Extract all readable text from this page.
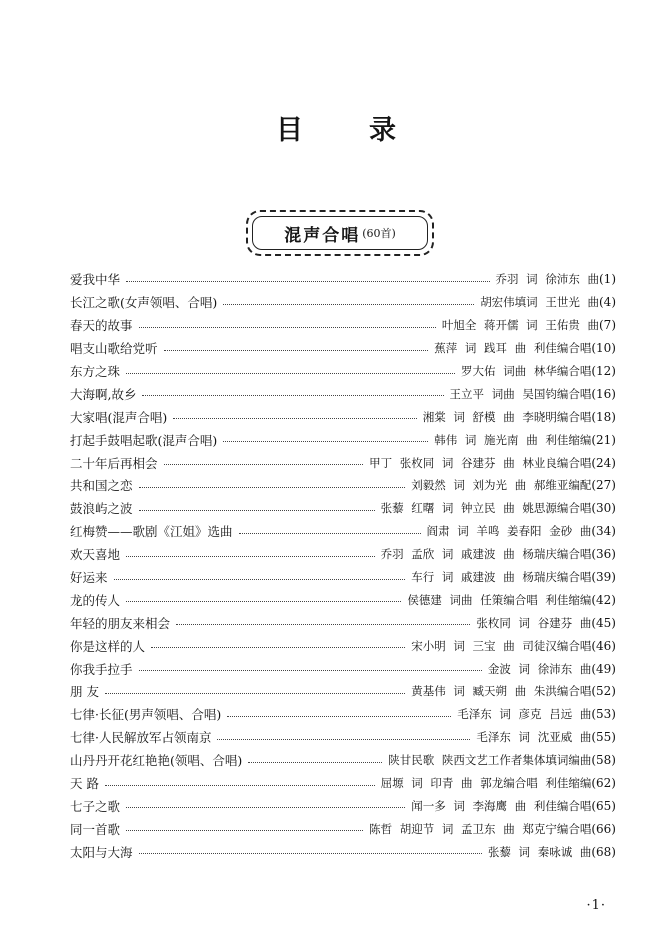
目录
混声合唱 (60首)
爱我中华	乔羽 词 徐沛东 曲 (1)
长江之歌(女声领唱、合唱)	胡宏伟填词 王世光 曲 (4)
春天的故事	叶旭全 蒋开儒 词 王佑贵 曲 (7)
唱支山歌给党听	蕉萍 词 践耳 曲 利佳编合唱 (10)
东方之珠	罗大佑 词曲 林华编合唱 (12)
大海啊,故乡	王立平 词曲 吴国钧编合唱 (16)
大家唱(混声合唱)	湘棠 词 舒模 曲 李晓明编合唱 (18)
打起手鼓唱起歌(混声合唱)	韩伟 词 施光南 曲 利佳缩编 (21)
二十年后再相会	甲丁 张枚同 词 谷建芬 曲 林业良编合唱 (24)
共和国之恋	刘毅然 词 刘为光 曲 郝维亚编配 (27)
鼓浪屿之波	张藜 红曙 词 钟立民 曲 姚思源编合唱 (30)
红梅赞——歌剧《江姐》选曲	阎肃 词 羊鸣 姜春阳 金砂 曲 (34)
欢天喜地	乔羽 孟欣 词 戚建波 曲 杨瑞庆编合唱 (36)
好运来	车行 词 戚建波 曲 杨瑞庆编合唱 (39)
龙的传人	侯德建 词曲 任策编合唱 利佳缩编 (42)
年轻的朋友来相会	张枚同 词 谷建芬 曲 (45)
你是这样的人	宋小明 词 三宝 曲 司徒汉编合唱 (46)
你我手拉手	金波 词 徐沛东 曲 (49)
朋 友	黄基伟 词 臧天朔 曲 朱洪编合唱 (52)
七律·长征(男声领唱、合唱)	毛泽东 词 彦克 吕远 曲 (53)
七律·人民解放军占领南京	毛泽东 词 沈亚威 曲 (55)
山丹丹开花红艳艳(领唱、合唱)	陕甘民歌 陕西文艺工作者集体填词编曲 (58)
天 路	屈塬 词 印青 曲 郭龙编合唱 利佳缩编 (62)
七子之歌	闻一多 词 李海鹰 曲 利佳编合唱 (65)
同一首歌	陈哲 胡迎节 词 孟卫东 曲 郑克宁编合唱 (66)
太阳与大海	张藜 词 秦咏诚 曲 (68)
·1·
